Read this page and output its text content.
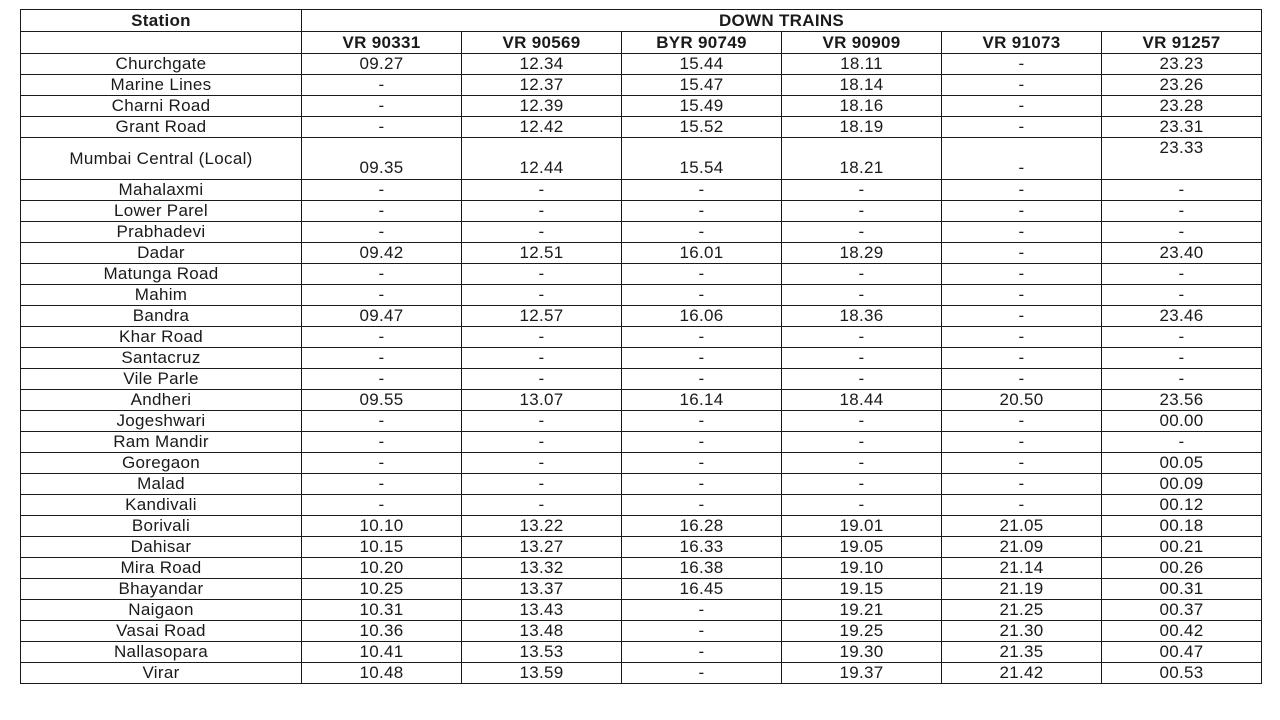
Station	DOWN TRAINS					
	VR 90331	VR 90569	BYR 90749	VR 90909	VR 91073	VR 91257
Churchgate	09.27	12.34	15.44	18.11	-	23.23
Marine Lines	-	12.37	15.47	18.14	-	23.26
Charni Road	-	12.39	15.49	18.16	-	23.28
Grant Road	-	12.42	15.52	18.19	-	23.31
Mumbai Central (Local)	09.35	12.44	15.54	18.21	-	23.33
Mahalaxmi	-	-	-	-	-	-
Lower Parel	-	-	-	-	-	-
Prabhadevi	-	-	-	-	-	-
Dadar	09.42	12.51	16.01	18.29	-	23.40
Matunga Road	-	-	-	-	-	-
Mahim	-	-	-	-	-	-
Bandra	09.47	12.57	16.06	18.36	-	23.46
Khar Road	-	-	-	-	-	-
Santacruz	-	-	-	-	-	-
Vile Parle	-	-	-	-	-	-
Andheri	09.55	13.07	16.14	18.44	20.50	23.56
Jogeshwari	-	-	-	-	-	00.00
Ram Mandir	-	-	-	-	-	-
Goregaon	-	-	-	-	-	00.05
Malad	-	-	-	-	-	00.09
Kandivali	-	-	-	-	-	00.12
Borivali	10.10	13.22	16.28	19.01	21.05	00.18
Dahisar	10.15	13.27	16.33	19.05	21.09	00.21
Mira Road	10.20	13.32	16.38	19.10	21.14	00.26
Bhayandar	10.25	13.37	16.45	19.15	21.19	00.31
Naigaon	10.31	13.43	-	19.21	21.25	00.37
Vasai Road	10.36	13.48	-	19.25	21.30	00.42
Nallasopara	10.41	13.53	-	19.30	21.35	00.47
Virar	10.48	13.59	-	19.37	21.42	00.53
